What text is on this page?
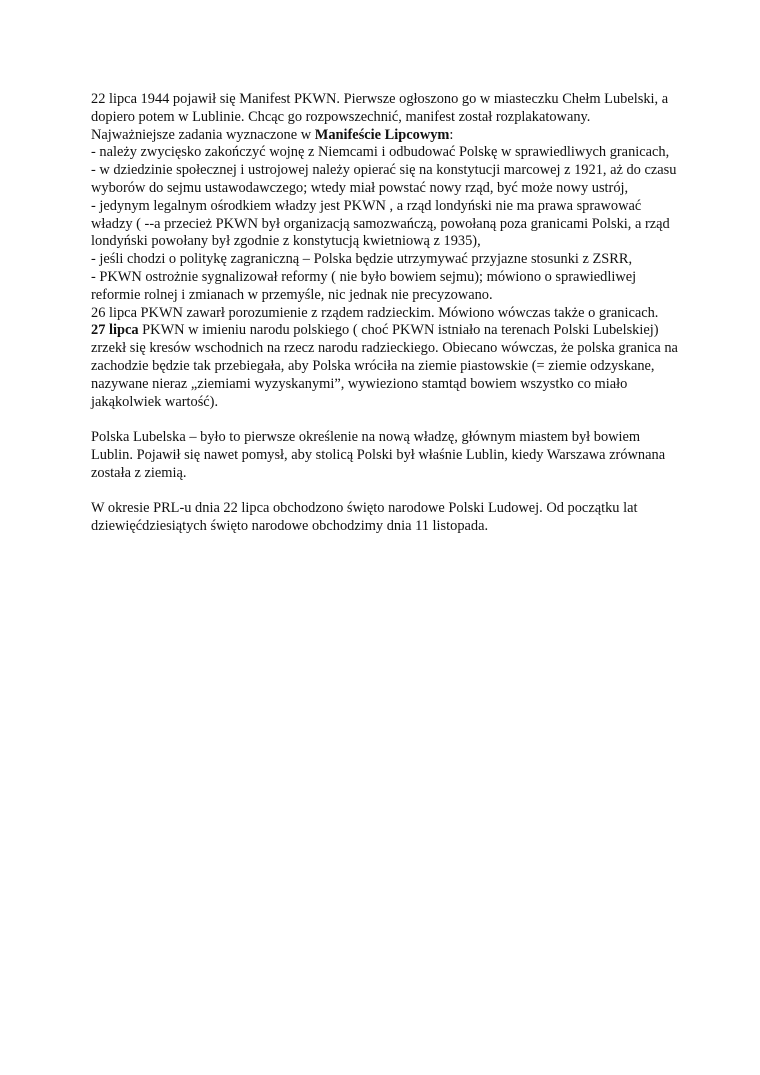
22 lipca 1944 pojawił się Manifest PKWN. Pierwsze ogłoszono go w miasteczku Chełm Lubelski, a dopiero potem w Lublinie. Chcąc go rozpowszechnić, manifest został rozplakatowany.

Najważniejsze zadania wyznaczone w Manifeście Lipcowym:

- należy zwycięsko zakończyć wojnę z Niemcami i odbudować Polskę w sprawiedliwych granicach,

- w dziedzinie społecznej i ustrojowej należy opierać się na konstytucji marcowej z 1921, aż do czasu wyborów do sejmu ustawodawczego; wtedy miał powstać nowy rząd, być może nowy ustrój,

- jedynym legalnym ośrodkiem władzy jest PKWN , a rząd londyński nie ma prawa sprawować władzy ( --a przecież PKWN był organizacją samozwańczą, powołaną poza granicami Polski, a rząd londyński powołany był zgodnie z konstytucją kwietniową z 1935),

- jeśli chodzi o politykę zagraniczną – Polska będzie utrzymywać przyjazne stosunki z ZSRR,

- PKWN ostrożnie sygnalizował reformy ( nie było bowiem sejmu); mówiono o sprawiedliwej reformie rolnej i zmianach w przemyśle, nic jednak nie precyzowano.

26 lipca PKWN zawarł porozumienie z rządem radzieckim. Mówiono wówczas także o granicach.

27 lipca PKWN w imieniu narodu polskiego ( choć PKWN istniało na terenach Polski Lubelskiej) zrzekł się kresów wschodnich na rzecz narodu radzieckiego. Obiecano wówczas, że polska granica na zachodzie będzie tak przebiegała, aby Polska wróciła na ziemie piastowskie (= ziemie odzyskane, nazywane nieraz „ziemiami wyzyskanymi”, wywieziono stamtąd bowiem wszystko co miało jakąkolwiek wartość).

Polska Lubelska – było to pierwsze określenie na nową władzę, głównym miastem był bowiem Lublin. Pojawił się nawet pomysł, aby stolicą Polski był właśnie Lublin, kiedy Warszawa zrównana została z ziemią.

W okresie PRL-u dnia 22 lipca obchodzono święto narodowe Polski Ludowej. Od początku lat dziewięćdziesiątych święto narodowe obchodzimy dnia 11 listopada.
